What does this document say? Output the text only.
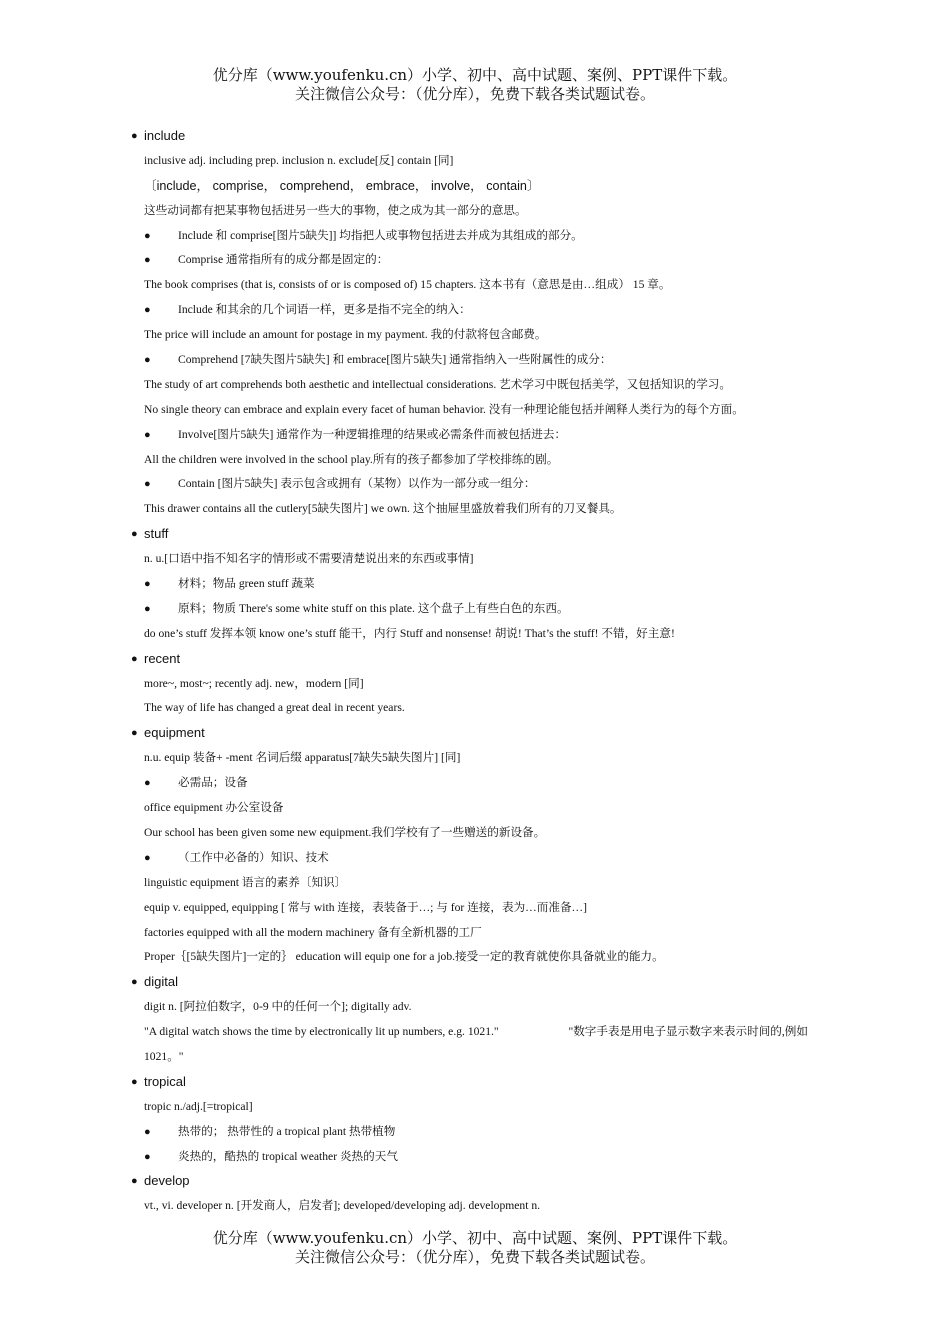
优分库（www.youfenku.cn）小学、初中、高中试题、案例、PPT课件下载。
关注微信公众号：（优分库），免费下载各类试题试卷。
● include
inclusive adj. including prep. inclusion n. exclude[反] contain [同]
〔include， comprise， comprehend， embrace， involve， contain〕
这些动词都有把某事物包括进另一些大的事物，使之成为其一部分的意思。
● Include 和 comprise[图片5缺失]] 均指把人或事物包括进去并成为其组成的部分。
● Comprise 通常指所有的成分都是固定的：
The book comprises (that is, consists of or is composed of) 15 chapters. 这本书有（意思是由…组成） 15 章。
● Include 和其余的几个词语一样，更多是指不完全的纳入：
The price will include an amount for postage in my payment. 我的付款将包含邮费。
● Comprehend [7缺失图片5缺失] 和 embrace[图片5缺失] 通常指纳入一些附属性的成分：
The study of art comprehends both aesthetic and intellectual considerations. 艺术学习中既包括美学，又包括知识的学习。
No single theory can embrace and explain every facet of human behavior. 没有一种理论能包括并阐释人类行为的每个方面。
● Involve[图片5缺失] 通常作为一种逻辑推理的结果或必需条件而被包括进去：
All the children were involved in the school play.所有的孩子都参加了学校排练的剧。
● Contain [图片5缺失] 表示包含或拥有（某物）以作为一部分或一组分：
This drawer contains all the cutlery[5缺失图片] we own. 这个抽屉里盛放着我们所有的刀叉餐具。
● stuff
n. u.[口语中指不知名字的情形或不需要清楚说出来的东西或事情]
● 材料；物品 green stuff 蔬菜
● 原料；物质 There's some white stuff on this plate. 这个盘子上有些白色的东西。
do one’s stuff 发挥本领 know one’s stuff 能干，内行 Stuff and nonsense! 胡说! That’s the stuff! 不错，好主意!
● recent
more~, most~; recently adj. new，modern [同]
The way of life has changed a great deal in recent years.
● equipment
n.u. equip 装备+ -ment 名词后缀 apparatus[7缺失5缺失图片] [同]
● 必需品；设备
office equipment 办公室设备
Our school has been given some new equipment.我们学校有了一些赠送的新设备。
● （工作中必备的）知识、技术
linguistic equipment 语言的素养〔知识〕
equip v. equipped, equipping [ 常与 with 连接，表装备于…; 与 for 连接，表为…而准备…]
factories equipped with all the modern machinery 备有全新机器的工厂
Proper｛[5缺失图片]一定的｝ education will equip one for a job.接受一定的教育就使你具备就业的能力。
● digital
digit n. [阿拉伯数字，0-9 中的任何一个]; digitally adv.
"数字手表是用电子显示数字来表示时间的,例如
"A digital watch shows the time by electronically lit up numbers, e.g. 1021."
1021。"
● tropical
tropic n./adj.[=tropical]
● 热带的； 热带性的 a tropical plant 热带植物
● 炎热的，酷热的 tropical weather 炎热的天气
● develop
vt., vi. developer n. [开发商人，启发者]; developed/developing adj. development n.
优分库（www.youfenku.cn）小学、初中、高中试题、案例、PPT课件下载。
关注微信公众号：（优分库），免费下载各类试题试卷。
